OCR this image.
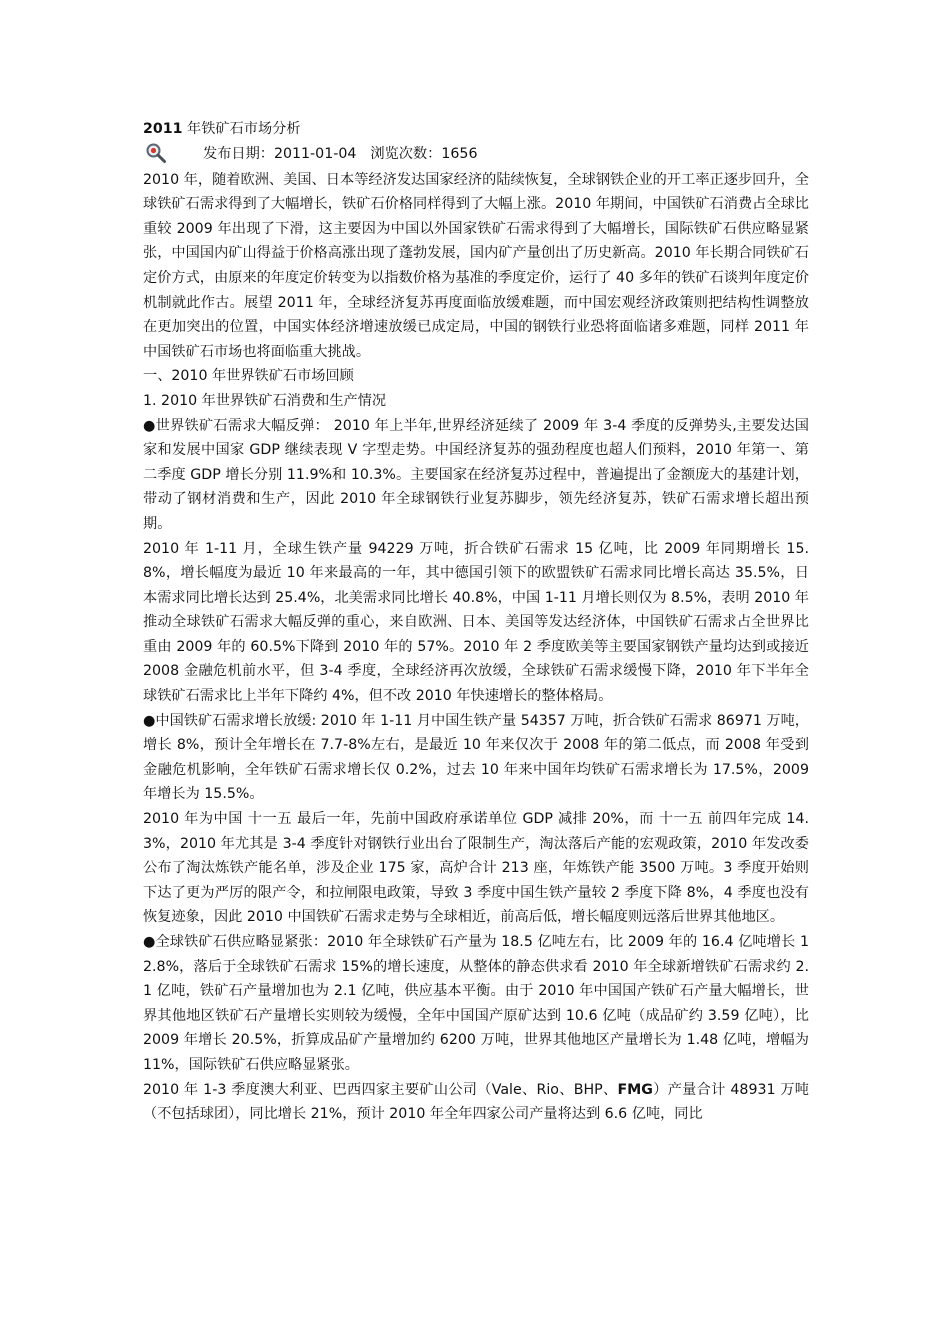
2011 年铁矿石市场分析

发布日期：2011-01-04 浏览次数：1656

2010 年，随着欧洲、美国、日本等经济发达国家经济的陆续恢复，全球钢铁企业的开工率正逐步回升，全球铁矿石需求得到了大幅增长，铁矿石价格同样得到了大幅上涨。2010 年期间，中国铁矿石消费占全球比重较 2009 年出现了下滑，这主要因为中国以外国家铁矿石需求得到了大幅增长，国际铁矿石供应略显紧张，中国国内矿山得益于价格高涨出现了蓬勃发展，国内矿产量创出了历史新高。2010 年长期合同铁矿石定价方式，由原来的年度定价转变为以指数价格为基准的季度定价，运行了 40 多年的铁矿石谈判年度定价机制就此作古。展望 2011 年，全球经济复苏再度面临放缓难题，而中国宏观经济政策则把结构性调整放在更加突出的位置，中国实体经济增速放缓已成定局，中国的钢铁行业恐将面临诸多难题，同样 2011 年中国铁矿石市场也将面临重大挑战。

一、2010 年世界铁矿石市场回顾

1. 2010 年世界铁矿石消费和生产情况

●世界铁矿石需求大幅反弹： 2010 年上半年,世界经济延续了 2009 年 3-4 季度的反弹势头,主要发达国家和发展中国家 GDP 继续表现 V 字型走势。中国经济复苏的强劲程度也超人们预料，2010 年第一、第二季度 GDP 增长分别 11.9%和 10.3%。主要国家在经济复苏过程中，普遍提出了金额庞大的基建计划，带动了钢材消费和生产，因此 2010 年全球钢铁行业复苏脚步，领先经济复苏，铁矿石需求增长超出预期。

2010 年 1-11 月，全球生铁产量 94229 万吨，折合铁矿石需求 15 亿吨，比 2009 年同期增长 15.8%，增长幅度为最近 10 年来最高的一年，其中德国引领下的欧盟铁矿石需求同比增长高达 35.5%，日本需求同比增长达到 25.4%，北美需求同比增长 40.8%，中国 1-11 月增长则仅为 8.5%，表明 2010 年推动全球铁矿石需求大幅反弹的重心，来自欧洲、日本、美国等发达经济体，中国铁矿石需求占全世界比重由 2009 年的 60.5%下降到 2010 年的 57%。2010 年 2 季度欧美等主要国家钢铁产量均达到或接近 2008 金融危机前水平，但 3-4 季度，全球经济再次放缓，全球铁矿石需求缓慢下降，2010 年下半年全球铁矿石需求比上半年下降约 4%，但不改 2010 年快速增长的整体格局。

●中国铁矿石需求增长放缓: 2010 年 1-11 月中国生铁产量 54357 万吨，折合铁矿石需求 86971 万吨，增长 8%，预计全年增长在 7.7-8%左右，是最近 10 年来仅次于 2008 年的第二低点，而 2008 年受到金融危机影响，全年铁矿石需求增长仅 0.2%，过去 10 年来中国年均铁矿石需求增长为 17.5%，2009 年增长为 15.5%。

2010 年为中国 十一五 最后一年，先前中国政府承诺单位 GDP 减排 20%，而 十一五 前四年完成 14.3%，2010 年尤其是 3-4 季度针对钢铁行业出台了限制生产，淘汰落后产能的宏观政策，2010 年发改委公布了淘汰炼铁产能名单，涉及企业 175 家，高炉合计 213 座，年炼铁产能 3500 万吨。3 季度开始则下达了更为严厉的限产令，和拉闸限电政策，导致 3 季度中国生铁产量较 2 季度下降 8%，4 季度也没有恢复迹象，因此 2010 中国铁矿石需求走势与全球相近，前高后低，增长幅度则远落后世界其他地区。

●全球铁矿石供应略显紧张：2010 年全球铁矿石产量为 18.5 亿吨左右，比 2009 年的 16.4 亿吨增长 12.8%，落后于全球铁矿石需求 15%的增长速度，从整体的静态供求看 2010 年全球新增铁矿石需求约 2.1 亿吨，铁矿石产量增加也为 2.1 亿吨，供应基本平衡。由于 2010 年中国国产铁矿石产量大幅增长，世界其他地区铁矿石产量增长实则较为缓慢，全年中国国产原矿达到 10.6 亿吨（成品矿约 3.59 亿吨），比 2009 年增长 20.5%，折算成品矿产量增加约 6200 万吨，世界其他地区产量增长为 1.48 亿吨，增幅为 11%，国际铁矿石供应略显紧张。

2010 年 1-3 季度澳大利亚、巴西四家主要矿山公司（Vale、Rio、BHP、FMG）产量合计 48931 万吨（不包括球团），同比增长 21%，预计 2010 年全年四家公司产量将达到 6.6 亿吨，同比
